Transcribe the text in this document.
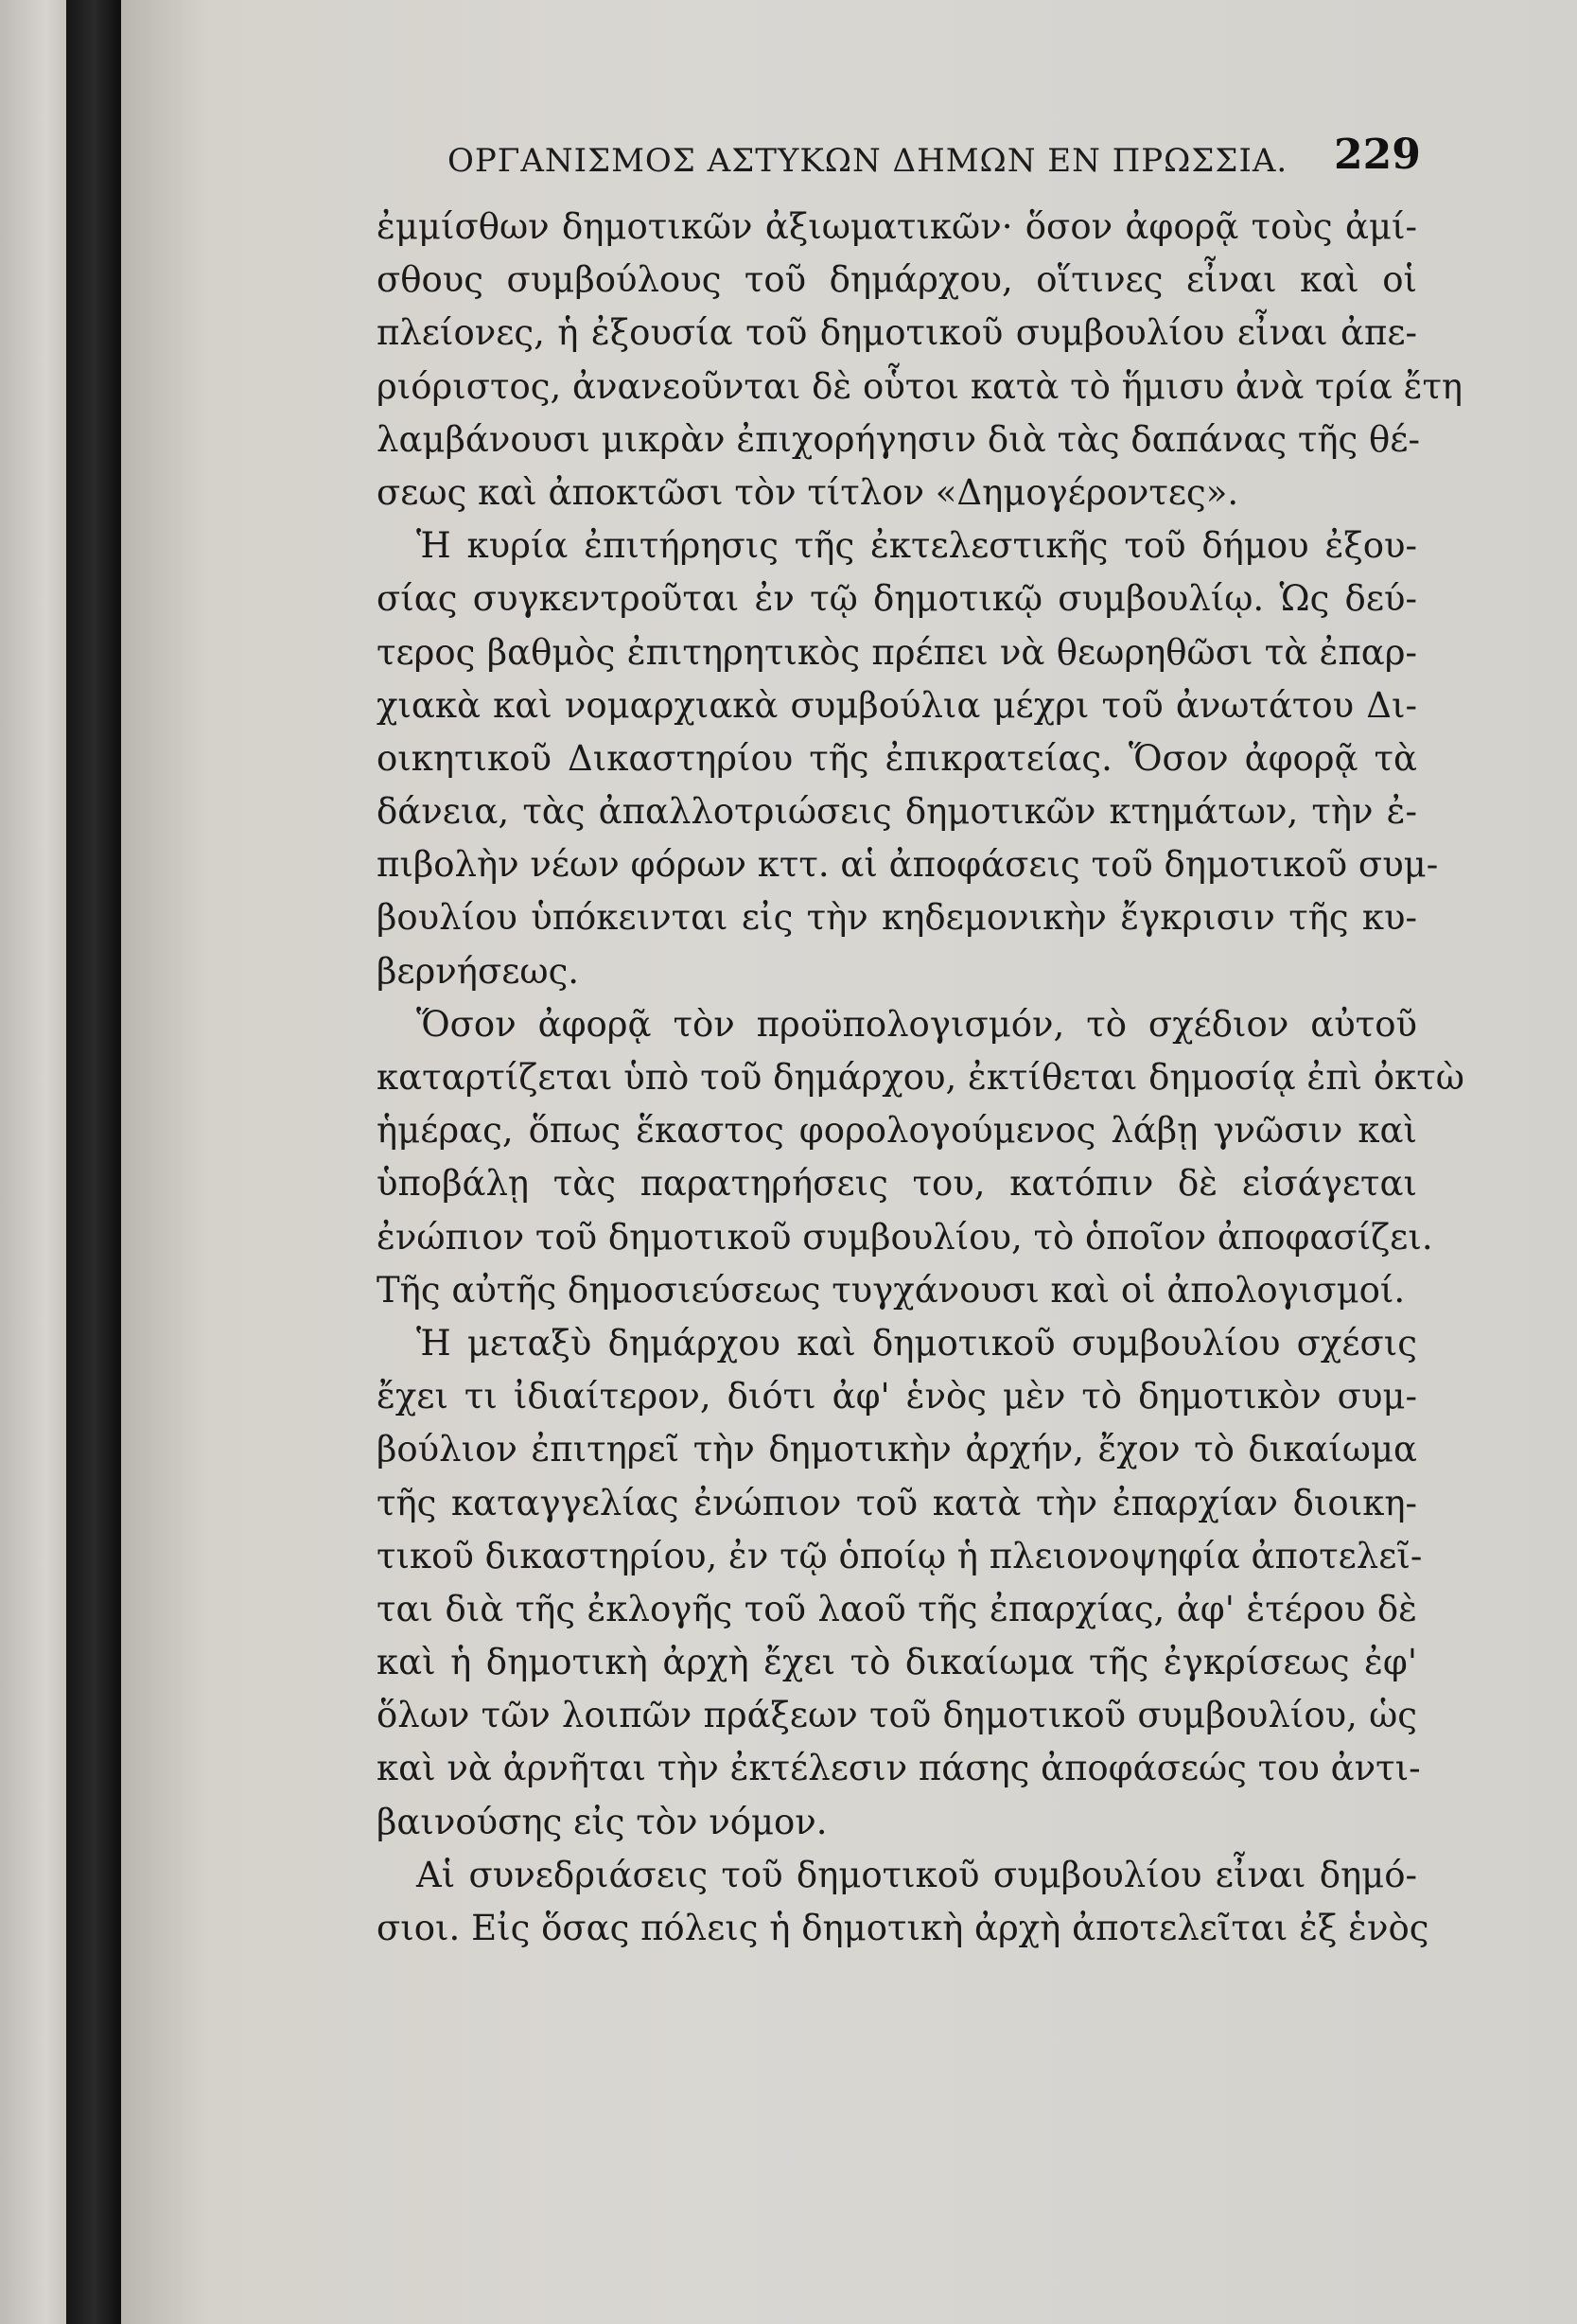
ΟΡΓΑΝΙΣΜΟΣ ΑΣΤΥΚΩΝ ΔΗΜΩΝ ΕΝ ΠΡΩΣΣΙΑ.	229
ἐμμίσθων δημοτικῶν ἀξιωματικῶν· ὅσον ἀφορᾷ τοὺς ἀμί-
σθους συμβούλους τοῦ δημάρχου, οἵτινες εἶναι καὶ οἱ
πλείονες, ἡ ἐξουσία τοῦ δημοτικοῦ συμβουλίου εἶναι ἀπε-
ριόριστος, ἀνανεοῦνται δὲ οὗτοι κατὰ τὸ ἥμισυ ἀνὰ τρία ἔτη
λαμβάνουσι μικρὰν ἐπιχορήγησιν διὰ τὰς δαπάνας τῆς θέ-
σεως καὶ ἀποκτῶσι τὸν τίτλον «Δημογέροντες».
Ἡ κυρία ἐπιτήρησις τῆς ἐκτελεστικῆς τοῦ δήμου ἐξου-
σίας συγκεντροῦται ἐν τῷ δημοτικῷ συμβουλίῳ. Ὡς δεύ-
τερος βαθμὸς ἐπιτηρητικὸς πρέπει νὰ θεωρηθῶσι τὰ ἐπαρ-
χιακὰ καὶ νομαρχιακὰ συμβούλια μέχρι τοῦ ἀνωτάτου Δι-
οικητικοῦ Δικαστηρίου τῆς ἐπικρατείας. Ὅσον ἀφορᾷ τὰ
δάνεια, τὰς ἀπαλλοτριώσεις δημοτικῶν κτημάτων, τὴν ἐ-
πιβολὴν νέων φόρων κττ. αἱ ἀποφάσεις τοῦ δημοτικοῦ συμ-
βουλίου ὑπόκεινται εἰς τὴν κηδεμονικὴν ἔγκρισιν τῆς κυ-
βερνήσεως.
Ὅσον ἀφορᾷ τὸν προϋπολογισμόν, τὸ σχέδιον αὐτοῦ
καταρτίζεται ὑπὸ τοῦ δημάρχου, ἐκτίθεται δημοσίᾳ ἐπὶ ὀκτὼ
ἡμέρας, ὅπως ἕκαστος φορολογούμενος λάβῃ γνῶσιν καὶ
ὑποβάλῃ τὰς παρατηρήσεις του, κατόπιν δὲ εἰσάγεται
ἐνώπιον τοῦ δημοτικοῦ συμβουλίου, τὸ ὁποῖον ἀποφασίζει.
Τῆς αὐτῆς δημοσιεύσεως τυγχάνουσι καὶ οἱ ἀπολογισμοί.
Ἡ μεταξὺ δημάρχου καὶ δημοτικοῦ συμβουλίου σχέσις
ἔχει τι ἰδιαίτερον, διότι ἀφ' ἑνὸς μὲν τὸ δημοτικὸν συμ-
βούλιον ἐπιτηρεῖ τὴν δημοτικὴν ἀρχήν, ἔχον τὸ δικαίωμα
τῆς καταγγελίας ἐνώπιον τοῦ κατὰ τὴν ἐπαρχίαν διοικη-
τικοῦ δικαστηρίου, ἐν τῷ ὁποίῳ ἡ πλειονοψηφία ἀποτελεῖ-
ται διὰ τῆς ἐκλογῆς τοῦ λαοῦ τῆς ἐπαρχίας, ἀφ' ἑτέρου δὲ
καὶ ἡ δημοτικὴ ἀρχὴ ἔχει τὸ δικαίωμα τῆς ἐγκρίσεως ἐφ'
ὅλων τῶν λοιπῶν πράξεων τοῦ δημοτικοῦ συμβουλίου, ὡς
καὶ νὰ ἀρνῆται τὴν ἐκτέλεσιν πάσης ἀποφάσεώς του ἀντι-
βαινούσης εἰς τὸν νόμον.
Αἱ συνεδριάσεις τοῦ δημοτικοῦ συμβουλίου εἶναι δημό-
σιοι. Εἰς ὅσας πόλεις ἡ δημοτικὴ ἀρχὴ ἀποτελεῖται ἐξ ἑνὸς
